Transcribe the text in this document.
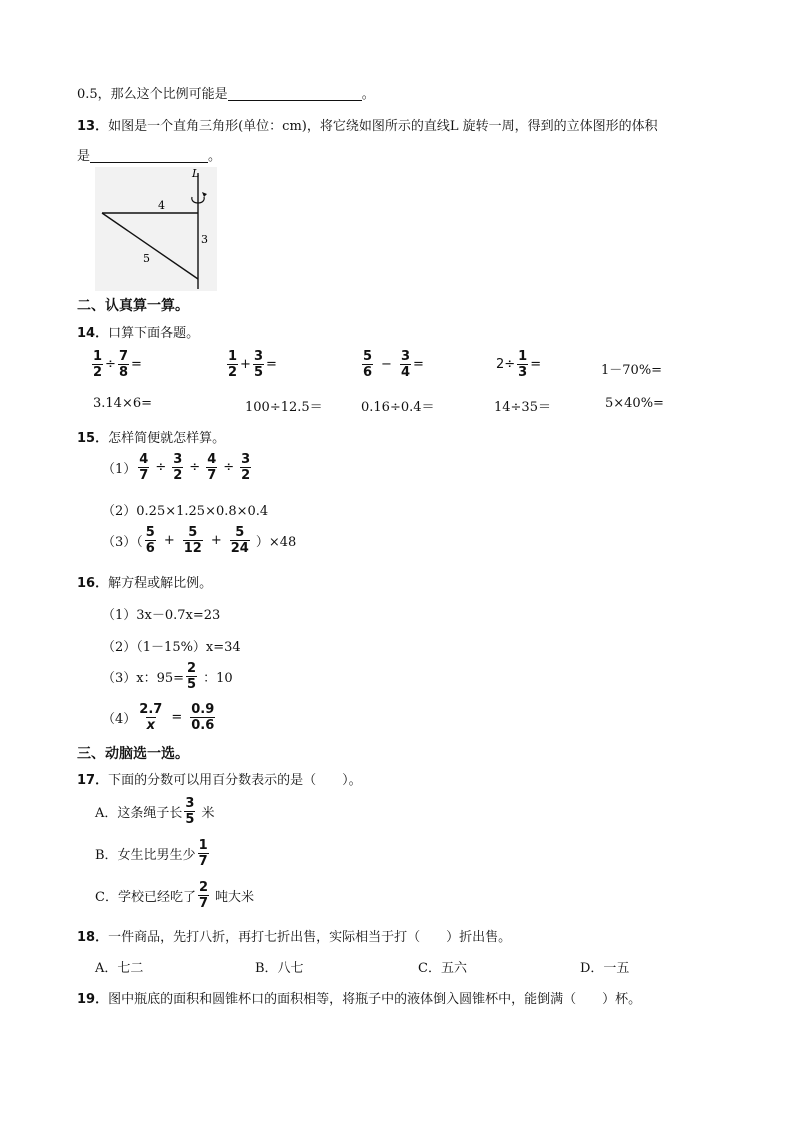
0.5，那么这个比例可能是	。
13．如图是一个直角三角形(单位：cm)，将它绕如图所示的直线L 旋转一周，得到的立体图形的体积
是	。
L
4
3
5
二、认真算一算。
14．口算下面各题。
$\frac{1}{2} \div \frac{7}{8}$ =	$\frac{1}{2} + \frac{3}{5}$ =	$\frac{5}{6} - \frac{3}{4}$ =	$2\div \frac{1}{3}$ =	1－70%=
3.14×6=	100÷12.5＝	0.16÷0.4＝	14÷35＝	5×40%=
15．怎样简便就怎样算。
$(1) \frac{4}{7} \div \frac{3}{2} \div \frac{4}{7} \div \frac{3}{2}$
（2）0.25×1.25×0.8×0.4
$(3)( \frac{5}{6} + \frac{5}{12} + \frac{5}{24} )\times 48$
16．解方程或解比例。
（1）3x－0.7x=23
（2）（1－15%）x=34
（3）x：$95= \frac{2}{5}$ ：10
$(4) \frac{2.7}{x} = \frac{0.9}{0.6}$
三、动脑选一选。
17．下面的分数可以用百分数表示的是（　　）。
A．这条绳子长 $\frac{3}{5}$ 米
B．女生比男生少 $\frac{1}{7}$
C．学校已经吃了 $\frac{2}{7}$ 吨大米
18．一件商品，先打八折，再打七折出售，实际相当于打（　　）折出售。
A．七二	B．八七	C．五六	D．一五
19．图中瓶底的面积和圆锥杯口的面积相等，将瓶子中的液体倒入圆锥杯中，能倒满（　　）杯。
